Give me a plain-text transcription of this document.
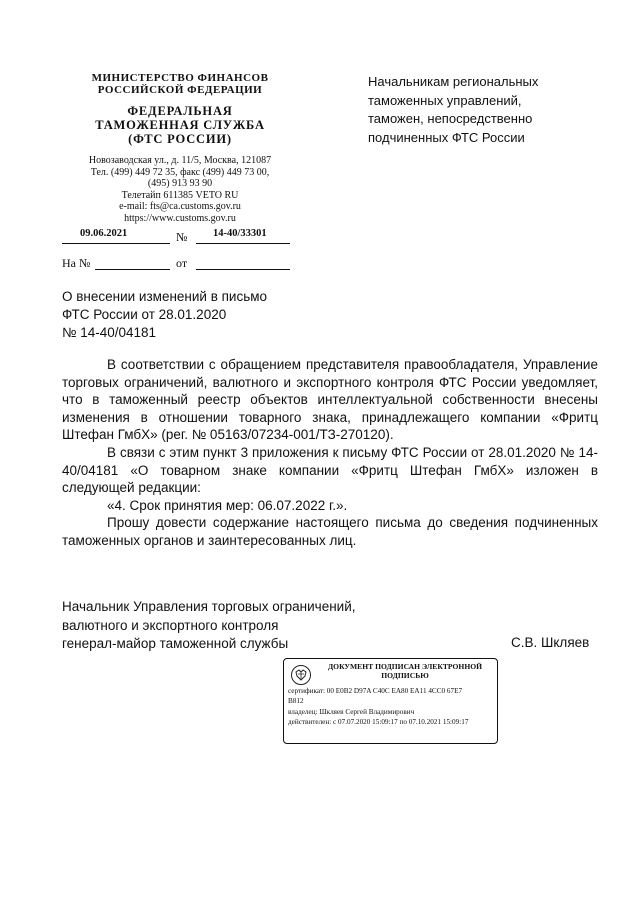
МИНИСТЕРСТВО ФИНАНСОВ
РОССИЙСКОЙ ФЕДЕРАЦИИ
ФЕДЕРАЛЬНАЯ
ТАМОЖЕННАЯ СЛУЖБА
(ФТС РОССИИ)
Новозаводская ул., д. 11/5, Москва, 121087
Тел. (499) 449 72 35, факс (499) 449 73 00,
(495) 913 93 90
Телетайп 611385 VETO RU
e-mail: fts@ca.customs.gov.ru
https://www.customs.gov.ru
09.06.2021	№ 14-40/33301
На №	от
Начальникам региональных
таможенных управлений,
таможен, непосредственно
подчиненных ФТС России
О внесении изменений в письмо
ФТС России от 28.01.2020
№ 14-40/04181

В соответствии с обращением представителя правообладателя, Управление торговых ограничений, валютного и экспортного контроля ФТС России уведомляет, что в таможенный реестр объектов интеллектуальной собственности внесены изменения в отношении товарного знака, принадлежащего компании «Фритц Штефан ГмбХ» (рег. № 05163/07234-001/ТЗ-270120).

В связи с этим пункт 3 приложения к письму ФТС России от 28.01.2020 № 14-40/04181 «О товарном знаке компании «Фритц Штефан ГмбХ» изложен в следующей редакции:

«4. Срок принятия мер: 06.07.2022 г.».

Прошу довести содержание настоящего письма до сведения подчиненных таможенных органов и заинтересованных лиц.

Начальник Управления торговых ограничений,
валютного и экспортного контроля
генерал-майор таможенной службы	С.В. Шкляев
ДОКУМЕНТ ПОДПИСАН ЭЛЕКТРОННОЙ
ПОДПИСЬЮ
сертификат: 00 E0B2 D97A C40C EA80 EA11 4CC0 67E7
B812
владелец: Шкляев Сергей Владимирович
действителен: с 07.07.2020 15:09:17 по 07.10.2021 15:09:17
